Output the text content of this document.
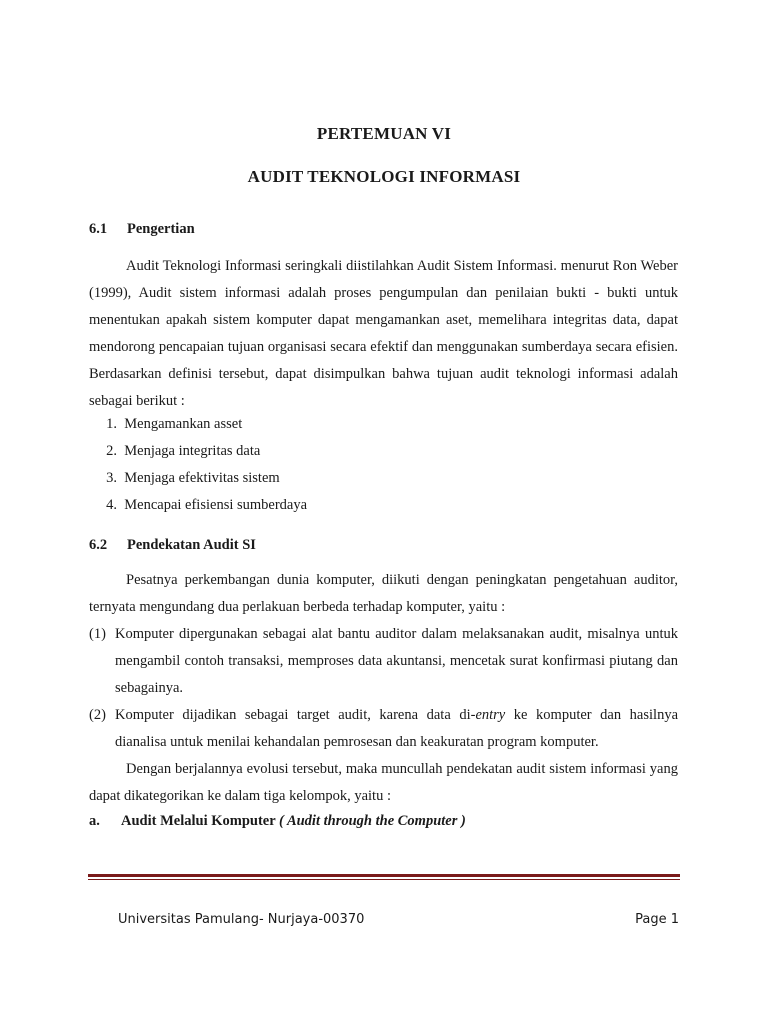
PERTEMUAN VI
AUDIT TEKNOLOGI INFORMASI
6.1 Pengertian
Audit Teknologi Informasi seringkali diistilahkan Audit Sistem Informasi. menurut Ron Weber (1999), Audit sistem informasi adalah proses pengumpulan dan penilaian bukti - bukti untuk menentukan apakah sistem komputer dapat mengamankan aset, memelihara integritas data, dapat mendorong pencapaian tujuan organisasi secara efektif dan menggunakan sumberdaya secara efisien. Berdasarkan definisi tersebut, dapat disimpulkan bahwa tujuan audit teknologi informasi adalah sebagai berikut :
1. Mengamankan asset
2. Menjaga integritas data
3. Menjaga efektivitas sistem
4. Mencapai efisiensi sumberdaya
6.2 Pendekatan Audit SI
Pesatnya perkembangan dunia komputer, diikuti dengan peningkatan pengetahuan auditor, ternyata mengundang dua perlakuan berbeda terhadap komputer, yaitu :
(1) Komputer dipergunakan sebagai alat bantu auditor dalam melaksanakan audit, misalnya untuk mengambil contoh transaksi, memproses data akuntansi, mencetak surat konfirmasi piutang dan sebagainya.
(2) Komputer dijadikan sebagai target audit, karena data di-entry ke komputer dan hasilnya dianalisa untuk menilai kehandalan pemrosesan dan keakuratan program komputer.
Dengan berjalannya evolusi tersebut, maka muncullah pendekatan audit sistem informasi yang dapat dikategorikan ke dalam tiga kelompok, yaitu :
a. Audit Melalui Komputer ( Audit through the Computer )
Universitas Pamulang- Nurjaya-00370	Page 1
